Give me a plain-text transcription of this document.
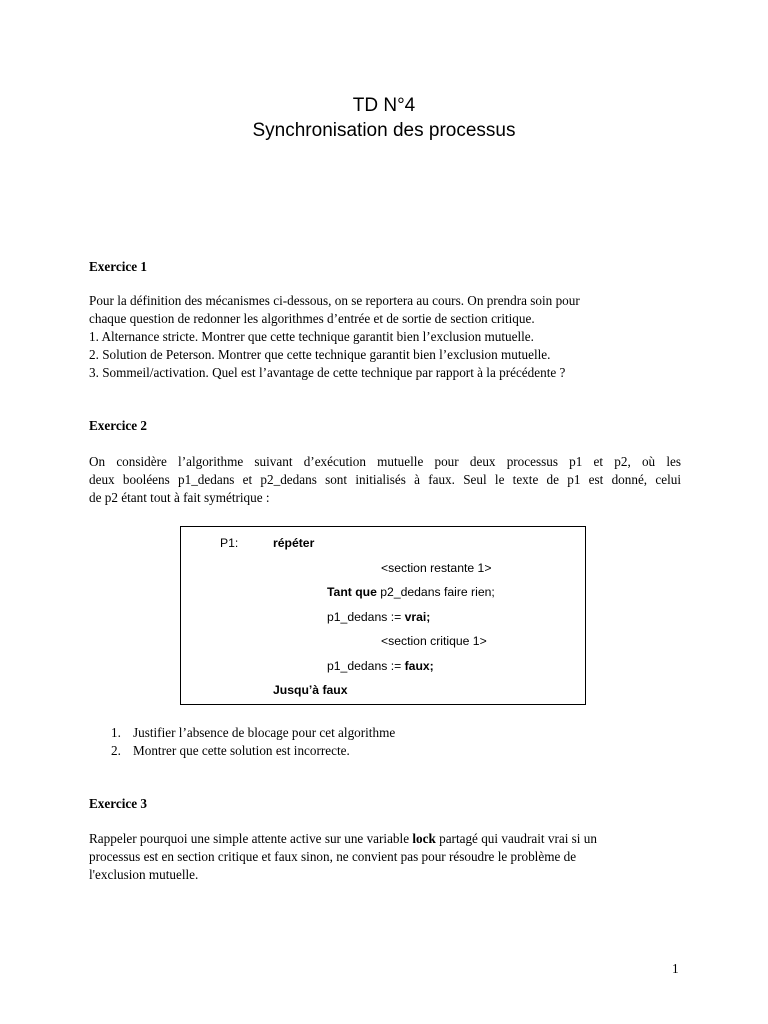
TD N°4
Synchronisation des processus
Exercice 1
Pour la définition des mécanismes ci-dessous, on se reportera au cours. On prendra soin pour
chaque question de redonner les algorithmes d’entrée et de sortie de section critique.
1. Alternance stricte. Montrer que cette technique garantit bien l’exclusion mutuelle.
2. Solution de Peterson. Montrer que cette technique garantit bien l’exclusion mutuelle.
3. Sommeil/activation. Quel est l’avantage de cette technique par rapport à la précédente ?
Exercice 2
On considère l’algorithme suivant d’exécution mutuelle pour deux processus p1 et p2, où les
deux booléens p1_dedans et p2_dedans sont initialisés à faux. Seul le texte de p1 est donné, celui
de p2 étant tout à fait symétrique :
P1:	répéter
<section restante 1>
Tant que p2_dedans faire rien;
p1_dedans := vrai;
<section critique 1>
p1_dedans := faux;
Jusqu’à faux
1. Justifier l’absence de blocage pour cet algorithme
2. Montrer que cette solution est incorrecte.
Exercice 3
Rappeler pourquoi une simple attente active sur une variable lock partagé qui vaudrait vrai si un
processus est en section critique et faux sinon, ne convient pas pour résoudre le problème de
l'exclusion mutuelle.
1
